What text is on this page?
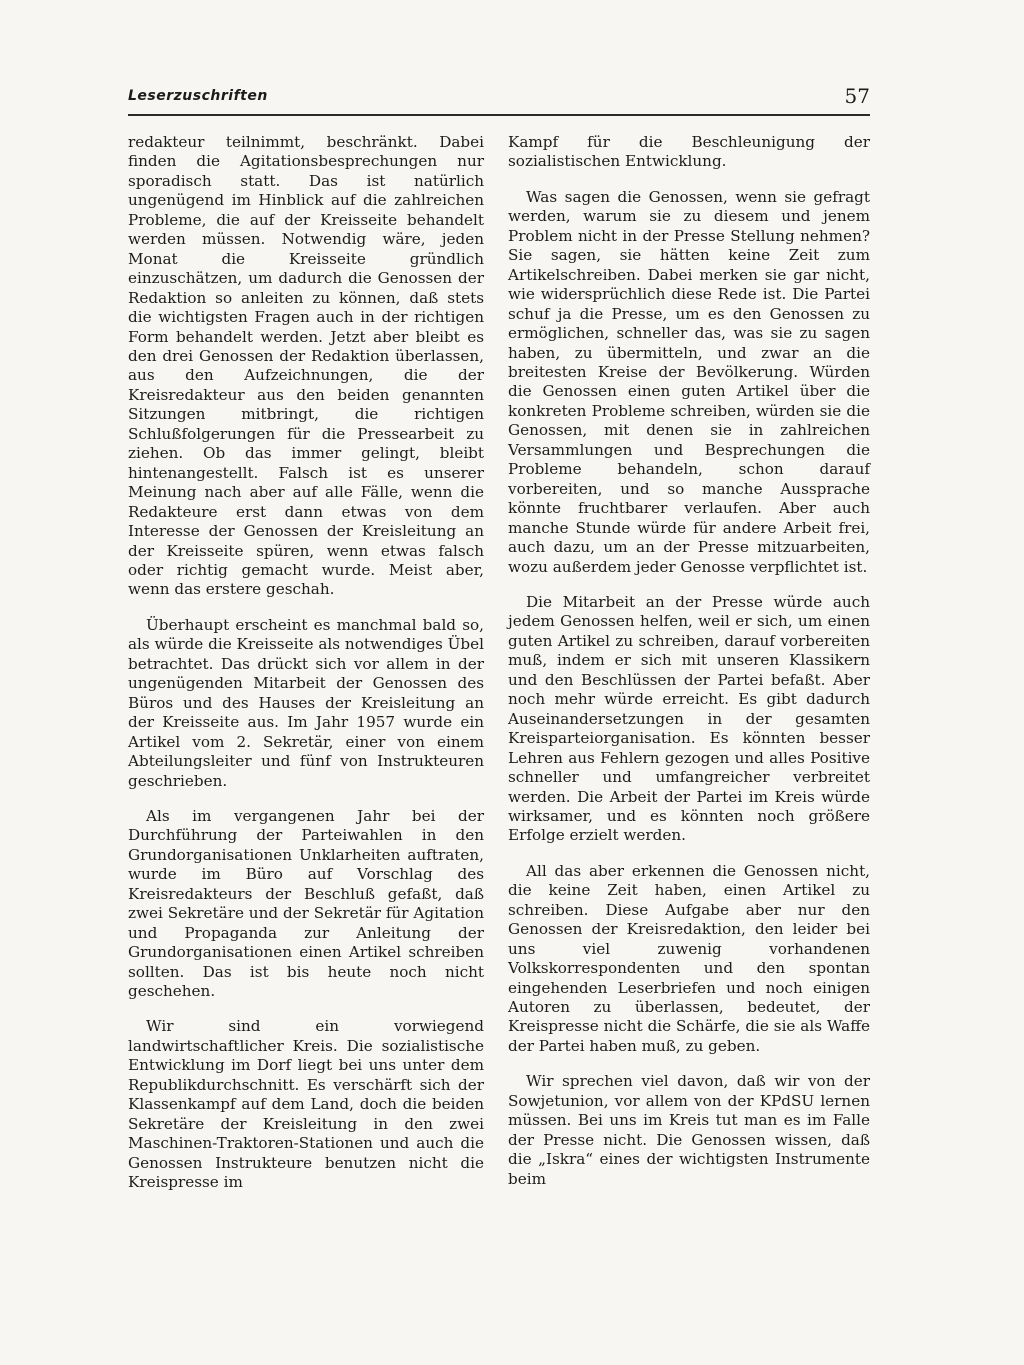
Leserzuschriften	57

redakteur teilnimmt, beschränkt. Dabei finden die Agitationsbesprechungen nur sporadisch statt. Das ist natürlich ungenügend im Hinblick auf die zahlreichen Probleme, die auf der Kreisseite behandelt werden müssen. Notwendig wäre, jeden Monat die Kreisseite gründlich einzuschätzen, um dadurch die Genossen der Redaktion so anleiten zu können, daß stets die wichtigsten Fragen auch in der richtigen Form behandelt werden. Jetzt aber bleibt es den drei Genossen der Redaktion überlassen, aus den Aufzeichnungen, die der Kreisredakteur aus den beiden genannten Sitzungen mitbringt, die richtigen Schlußfolgerungen für die Pressearbeit zu ziehen. Ob das immer gelingt, bleibt hintenangestellt. Falsch ist es unserer Meinung nach aber auf alle Fälle, wenn die Redakteure erst dann etwas von dem Interesse der Genossen der Kreisleitung an der Kreisseite spüren, wenn etwas falsch oder richtig gemacht wurde. Meist aber, wenn das erstere geschah.

Überhaupt erscheint es manchmal bald so, als würde die Kreisseite als notwendiges Übel betrachtet. Das drückt sich vor allem in der ungenügenden Mitarbeit der Genossen des Büros und des Hauses der Kreisleitung an der Kreisseite aus. Im Jahr 1957 wurde ein Artikel vom 2. Sekretär, einer von einem Abteilungsleiter und fünf von Instrukteuren geschrieben.

Als im vergangenen Jahr bei der Durchführung der Parteiwahlen in den Grundorganisationen Unklarheiten auftraten, wurde im Büro auf Vorschlag des Kreisredakteurs der Beschluß gefaßt, daß zwei Sekretäre und der Sekretär für Agitation und Propaganda zur Anleitung der Grundorganisationen einen Artikel schreiben sollten. Das ist bis heute noch nicht geschehen.

Wir sind ein vorwiegend landwirtschaftlicher Kreis. Die sozialistische Entwicklung im Dorf liegt bei uns unter dem Republikdurchschnitt. Es verschärft sich der Klassenkampf auf dem Land, doch die beiden Sekretäre der Kreisleitung in den zwei Maschinen-Traktoren-Stationen und auch die Genossen Instrukteure benutzen nicht die Kreispresse im

Kampf für die Beschleunigung der sozialistischen Entwicklung.

Was sagen die Genossen, wenn sie gefragt werden, warum sie zu diesem und jenem Problem nicht in der Presse Stellung nehmen? Sie sagen, sie hätten keine Zeit zum Artikelschreiben. Dabei merken sie gar nicht, wie widersprüchlich diese Rede ist. Die Partei schuf ja die Presse, um es den Genossen zu ermöglichen, schneller das, was sie zu sagen haben, zu übermitteln, und zwar an die breitesten Kreise der Bevölkerung. Würden die Genossen einen guten Artikel über die konkreten Probleme schreiben, würden sie die Genossen, mit denen sie in zahlreichen Versammlungen und Besprechungen die Probleme behandeln, schon darauf vorbereiten, und so manche Aussprache könnte fruchtbarer verlaufen. Aber auch manche Stunde würde für andere Arbeit frei, auch dazu, um an der Presse mitzuarbeiten, wozu außerdem jeder Genosse verpflichtet ist.

Die Mitarbeit an der Presse würde auch jedem Genossen helfen, weil er sich, um einen guten Artikel zu schreiben, darauf vorbereiten muß, indem er sich mit unseren Klassikern und den Beschlüssen der Partei befaßt. Aber noch mehr würde erreicht. Es gibt dadurch Auseinandersetzungen in der gesamten Kreisparteiorganisation. Es könnten besser Lehren aus Fehlern gezogen und alles Positive schneller und umfangreicher verbreitet werden. Die Arbeit der Partei im Kreis würde wirksamer, und es könnten noch größere Erfolge erzielt werden.

All das aber erkennen die Genossen nicht, die keine Zeit haben, einen Artikel zu schreiben. Diese Aufgabe aber nur den Genossen der Kreisredaktion, den leider bei uns viel zuwenig vorhandenen Volkskorrespondenten und den spontan eingehenden Leserbriefen und noch einigen Autoren zu überlassen, bedeutet, der Kreispresse nicht die Schärfe, die sie als Waffe der Partei haben muß, zu geben.

Wir sprechen viel davon, daß wir von der Sowjetunion, vor allem von der KPdSU lernen müssen. Bei uns im Kreis tut man es im Falle der Presse nicht. Die Genossen wissen, daß die „Iskra“ eines der wichtigsten Instrumente beim
